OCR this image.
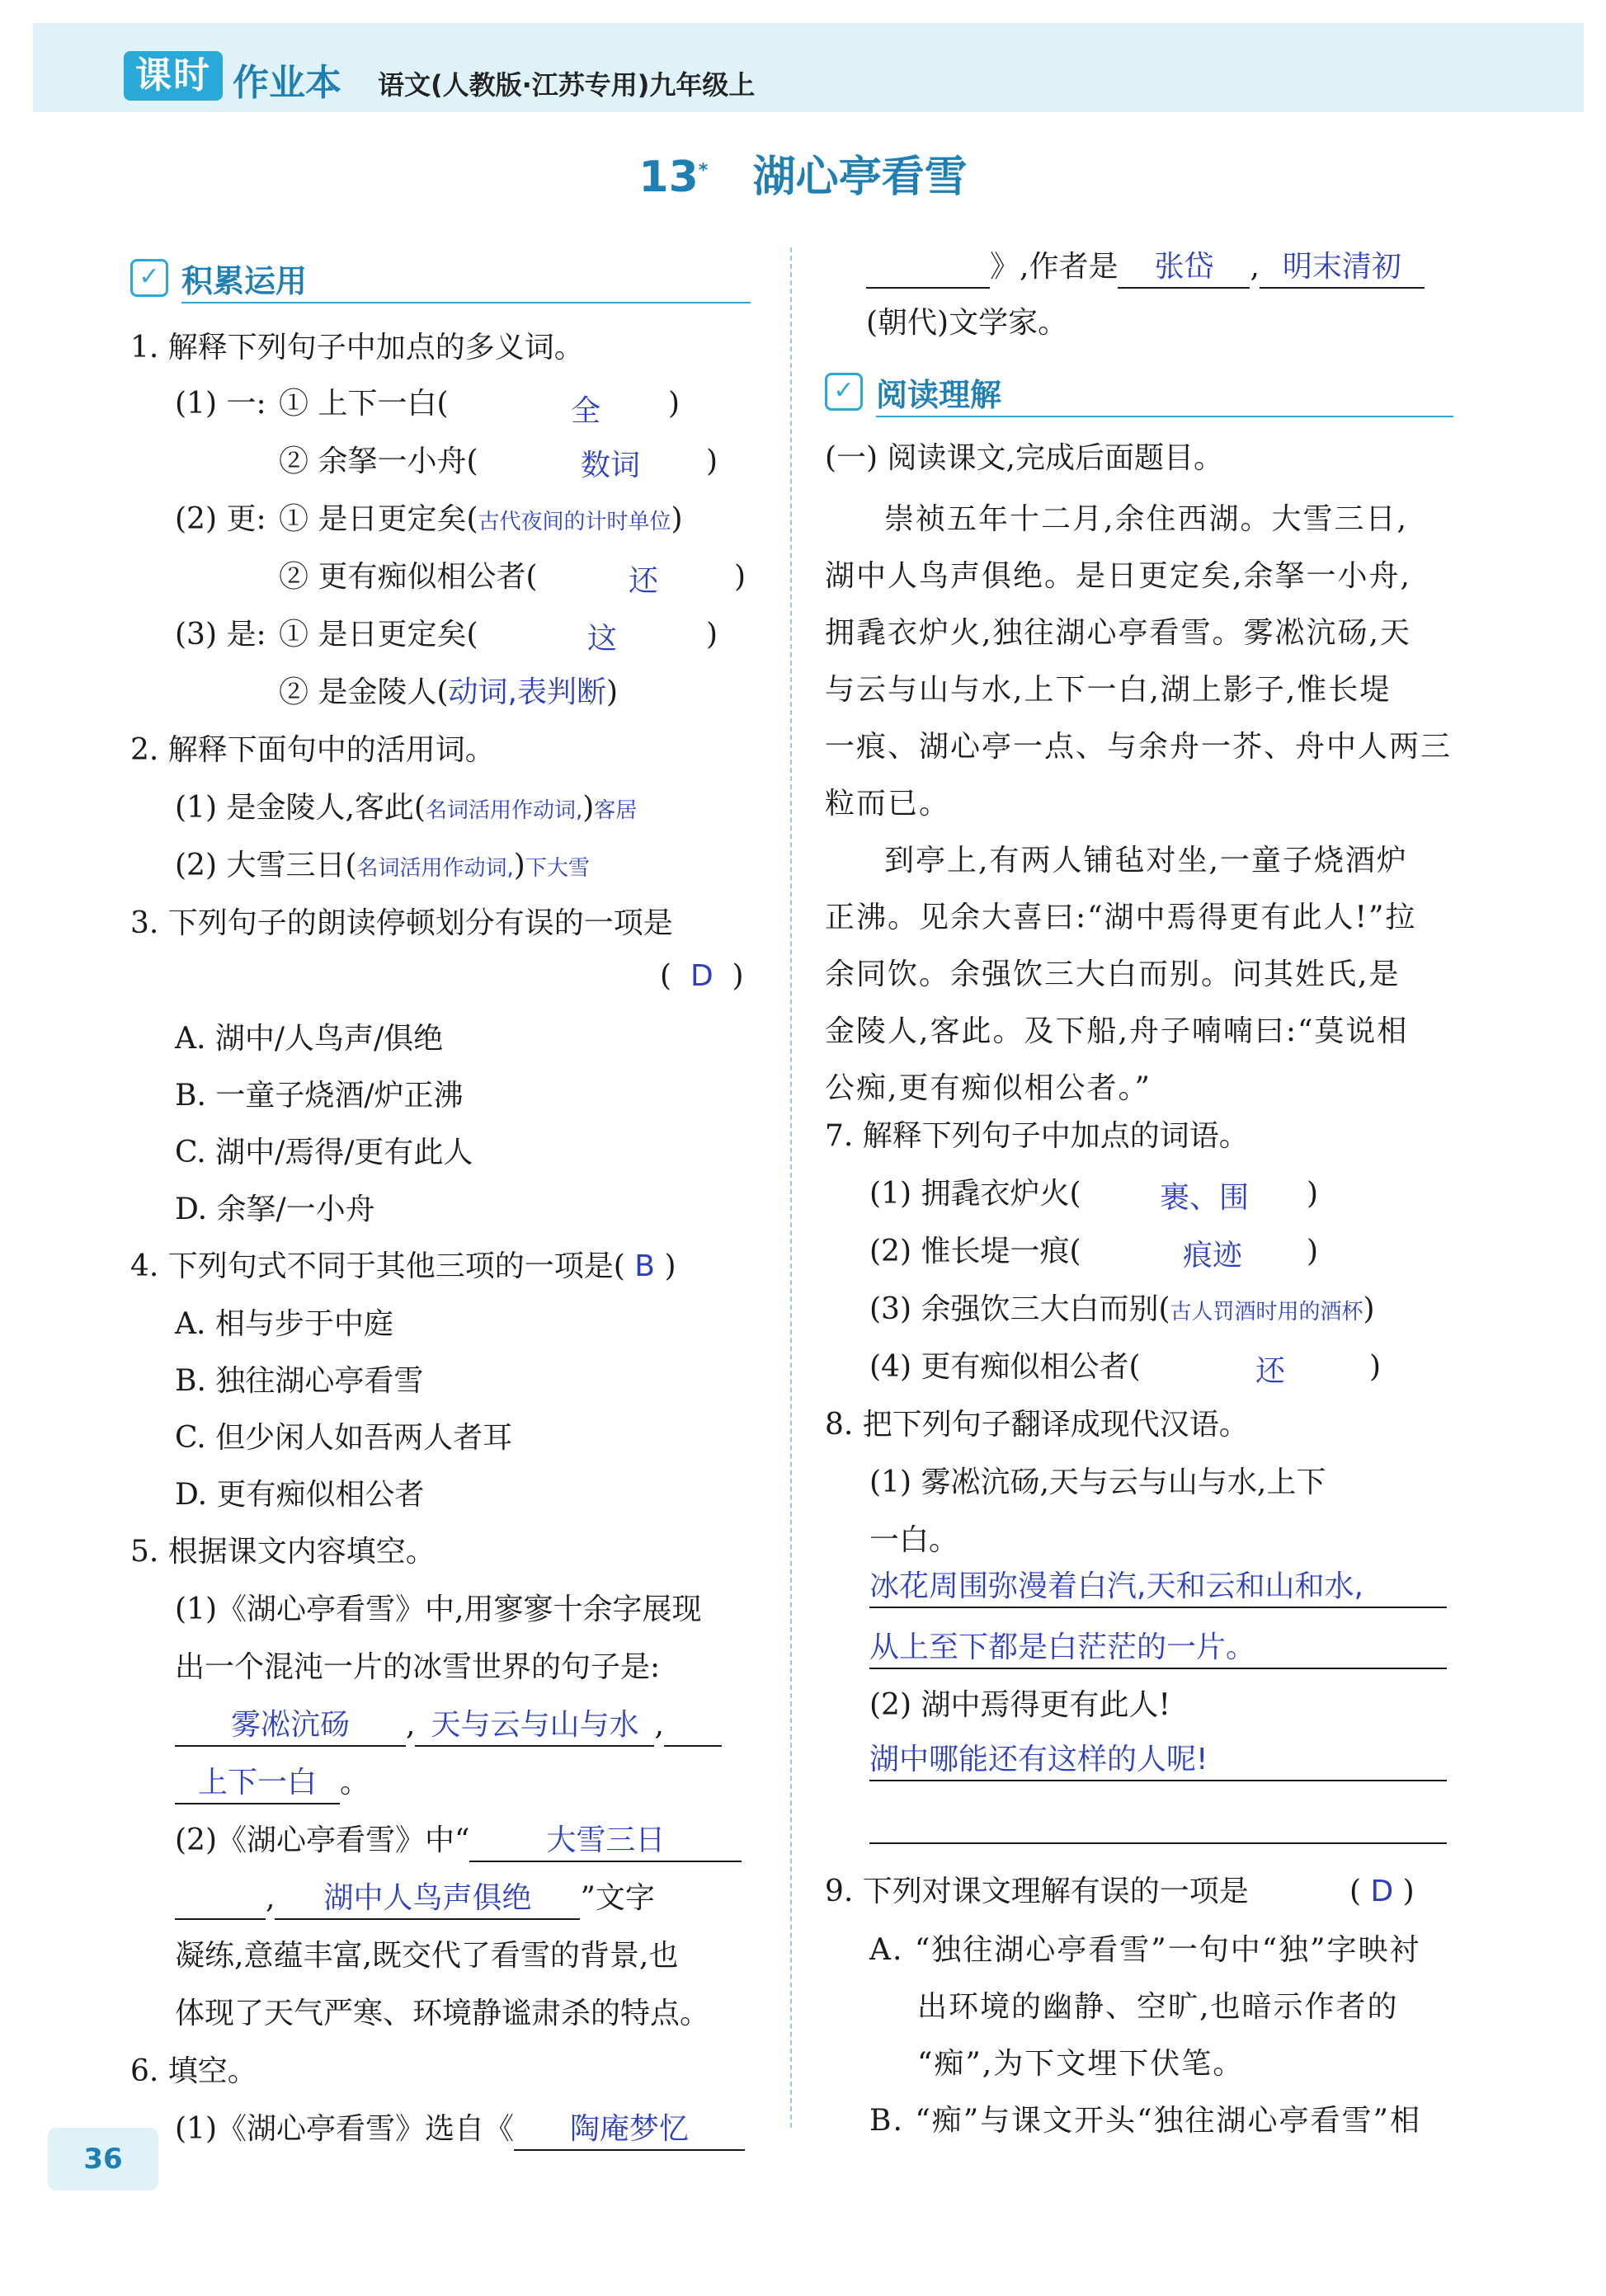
课时 作业本 语文(人教版·江苏专用)九年级上
13* 湖心亭看雪
✓ 积累运用
1. 解释下列句子中加点的多义词。
(1) 一: ① 上下一白(	全	)
② 余拏一小舟(	数词	)
(2) 更: ① 是日更定矣(古代夜间的计时单位)
② 更有痴似相公者(	还	)
(3) 是: ① 是日更定矣(	这	)
② 是金陵人(动词,表判断)
2. 解释下面句中的活用词。
(1) 是金陵人,客此(名词活用作动词,)客居
(2) 大雪三日(名词活用作动词,)下大雪
3. 下列句子的朗读停顿划分有误的一项是
(  D  )
A. 湖中/人鸟声/俱绝
B. 一童子烧酒/炉正沸
C. 湖中/焉得/更有此人
D. 余拏/一小舟
4. 下列句式不同于其他三项的一项是( B )
A. 相与步于中庭
B. 独往湖心亭看雪
C. 但少闲人如吾两人者耳
D. 更有痴似相公者
5. 根据课文内容填空。
(1)《湖心亭看雪》中,用寥寥十余字展现
出一个混沌一片的冰雪世界的句子是:
雾凇沆砀 , 天与云与山与水 ,
上下一白 。
(2)《湖心亭看雪》中“	大雪三日
, 湖中人鸟声俱绝 ”文字
凝练,意蕴丰富,既交代了看雪的背景,也
体现了天气严寒、环境静谧肃杀的特点。
6. 填空。
(1)《湖心亭看雪》选自《 陶庵梦忆
》,作者是 张岱 , 明末清初
(朝代)文学家。
✓ 阅读理解
(一) 阅读课文,完成后面题目。
崇祯五年十二月,余住西湖。大雪三日,
湖中人鸟声俱绝。是日更定矣,余拏一小舟,
拥毳衣炉火,独往湖心亭看雪。雾凇沆砀,天
与云与山与水,上下一白,湖上影子,惟长堤
一痕、湖心亭一点、与余舟一芥、舟中人两三
粒而已。
到亭上,有两人铺毡对坐,一童子烧酒炉
正沸。见余大喜曰:“湖中焉得更有此人!”拉
余同饮。余强饮三大白而别。问其姓氏,是
金陵人,客此。及下船,舟子喃喃曰:“莫说相
公痴,更有痴似相公者。”
7. 解释下列句子中加点的词语。
(1) 拥毳衣炉火(	裹、围	)
(2) 惟长堤一痕(	痕迹	)
(3) 余强饮三大白而别(古人罚酒时用的酒杯)
(4) 更有痴似相公者(	还	)
8. 把下列句子翻译成现代汉语。
(1) 雾凇沆砀,天与云与山与水,上下
一白。
冰花周围弥漫着白汽,天和云和山和水,
从上至下都是白茫茫的一片。
(2) 湖中焉得更有此人!
湖中哪能还有这样的人呢!

9. 下列对课文理解有误的一项是	( D )
A. “独往湖心亭看雪”一句中“独”字映衬
出环境的幽静、空旷,也暗示作者的
“痴”,为下文埋下伏笔。
B. “痴”与课文开头“独往湖心亭看雪”相
36
